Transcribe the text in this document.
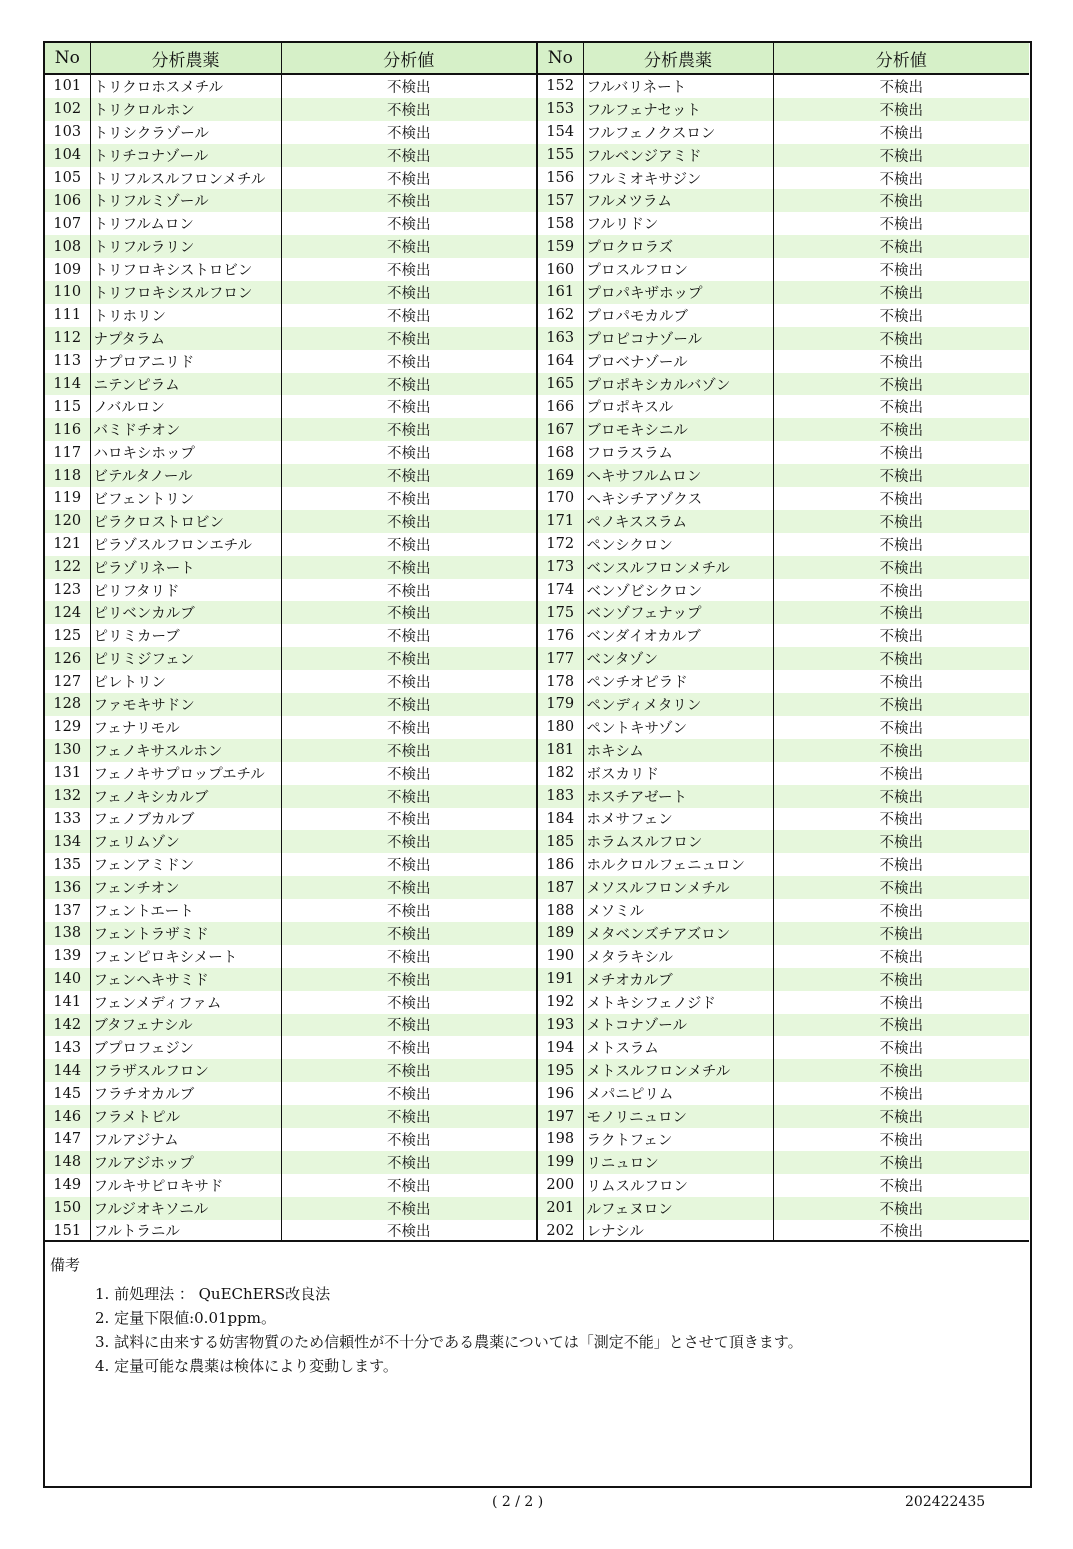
No	分析農薬	分析値	No	分析農薬	分析値
101	トリクロホスメチル	不検出	152	フルバリネート	不検出
102	トリクロルホン	不検出	153	フルフェナセット	不検出
103	トリシクラゾール	不検出	154	フルフェノクスロン	不検出
104	トリチコナゾール	不検出	155	フルベンジアミド	不検出
105	トリフルスルフロンメチル	不検出	156	フルミオキサジン	不検出
106	トリフルミゾール	不検出	157	フルメツラム	不検出
107	トリフルムロン	不検出	158	フルリドン	不検出
108	トリフルラリン	不検出	159	プロクロラズ	不検出
109	トリフロキシストロビン	不検出	160	プロスルフロン	不検出
110	トリフロキシスルフロン	不検出	161	プロパキザホップ	不検出
111	トリホリン	不検出	162	プロパモカルブ	不検出
112	ナプタラム	不検出	163	プロピコナゾール	不検出
113	ナプロアニリド	不検出	164	プロベナゾール	不検出
114	ニテンピラム	不検出	165	プロポキシカルバゾン	不検出
115	ノバルロン	不検出	166	プロポキスル	不検出
116	バミドチオン	不検出	167	ブロモキシニル	不検出
117	ハロキシホップ	不検出	168	フロラスラム	不検出
118	ビテルタノール	不検出	169	ヘキサフルムロン	不検出
119	ビフェントリン	不検出	170	ヘキシチアゾクス	不検出
120	ピラクロストロビン	不検出	171	ペノキススラム	不検出
121	ピラゾスルフロンエチル	不検出	172	ペンシクロン	不検出
122	ピラゾリネート	不検出	173	ベンスルフロンメチル	不検出
123	ピリフタリド	不検出	174	ベンゾビシクロン	不検出
124	ピリベンカルブ	不検出	175	ベンゾフェナップ	不検出
125	ピリミカーブ	不検出	176	ベンダイオカルブ	不検出
126	ピリミジフェン	不検出	177	ベンタゾン	不検出
127	ピレトリン	不検出	178	ペンチオピラド	不検出
128	ファモキサドン	不検出	179	ペンディメタリン	不検出
129	フェナリモル	不検出	180	ペントキサゾン	不検出
130	フェノキサスルホン	不検出	181	ホキシム	不検出
131	フェノキサプロップエチル	不検出	182	ボスカリド	不検出
132	フェノキシカルブ	不検出	183	ホスチアゼート	不検出
133	フェノブカルブ	不検出	184	ホメサフェン	不検出
134	フェリムゾン	不検出	185	ホラムスルフロン	不検出
135	フェンアミドン	不検出	186	ホルクロルフェニュロン	不検出
136	フェンチオン	不検出	187	メソスルフロンメチル	不検出
137	フェントエート	不検出	188	メソミル	不検出
138	フェントラザミド	不検出	189	メタベンズチアズロン	不検出
139	フェンピロキシメート	不検出	190	メタラキシル	不検出
140	フェンヘキサミド	不検出	191	メチオカルブ	不検出
141	フェンメディファム	不検出	192	メトキシフェノジド	不検出
142	ブタフェナシル	不検出	193	メトコナゾール	不検出
143	ブプロフェジン	不検出	194	メトスラム	不検出
144	フラザスルフロン	不検出	195	メトスルフロンメチル	不検出
145	フラチオカルブ	不検出	196	メパニピリム	不検出
146	フラメトピル	不検出	197	モノリニュロン	不検出
147	フルアジナム	不検出	198	ラクトフェン	不検出
148	フルアジホップ	不検出	199	リニュロン	不検出
149	フルキサピロキサド	不検出	200	リムスルフロン	不検出
150	フルジオキソニル	不検出	201	ルフェヌロン	不検出
151	フルトラニル	不検出	202	レナシル	不検出
備考
1. 前処理法 ： QuEChERS改良法
2. 定量下限値:0.01ppm。
3. 試料に由来する妨害物質のため信頼性が不十分である農薬については「測定不能」とさせて頂きます。
4. 定量可能な農薬は検体により変動します。
( 2 / 2 )	202422435
